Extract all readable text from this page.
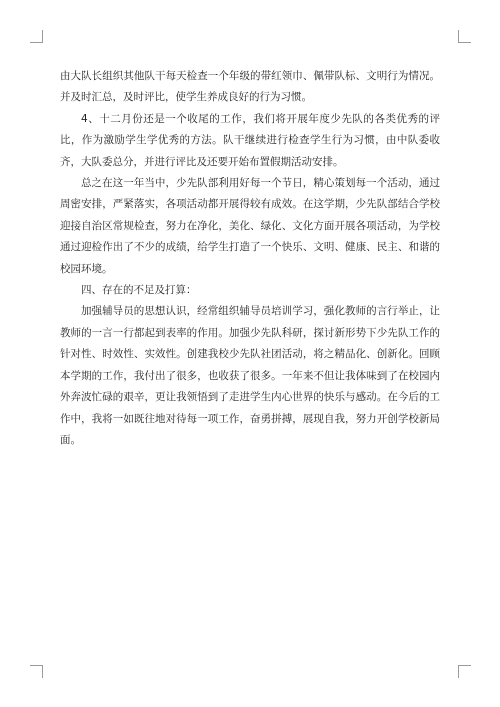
由大队长组织其他队干每天检查一个年级的带红领巾、佩带队标、文明行为情况。并及时汇总，及时评比，使学生养成良好的行为习惯。

4、十二月份还是一个收尾的工作，我们将开展年度少先队的各类优秀的评比，作为激励学生学优秀的方法。队干继续进行检查学生行为习惯，由中队委收齐，大队委总分，并进行评比及还要开始布置假期活动安排。

总之在这一年当中，少先队部利用好每一个节日，精心策划每一个活动，通过周密安排，严紧落实，各项活动都开展得较有成效。在这学期，少先队部结合学校迎接自治区常规检查，努力在净化，美化、绿化、文化方面开展各项活动，为学校通过迎检作出了不少的成绩，给学生打造了一个快乐、文明、健康、民主、和谐的校园环境。

四、存在的不足及打算：

加强辅导员的思想认识，经常组织辅导员培训学习，强化教师的言行举止，让教师的一言一行都起到表率的作用。加强少先队科研，探讨新形势下少先队工作的针对性、时效性、实效性。创建我校少先队社团活动，将之精品化、创新化。回顾本学期的工作，我付出了很多，也收获了很多。一年来不但让我体味到了在校园内外奔波忙碌的艰辛，更让我领悟到了走进学生内心世界的快乐与感动。在今后的工作中，我将一如既往地对待每一项工作，奋勇拼搏，展现自我，努力开创学校新局面。
